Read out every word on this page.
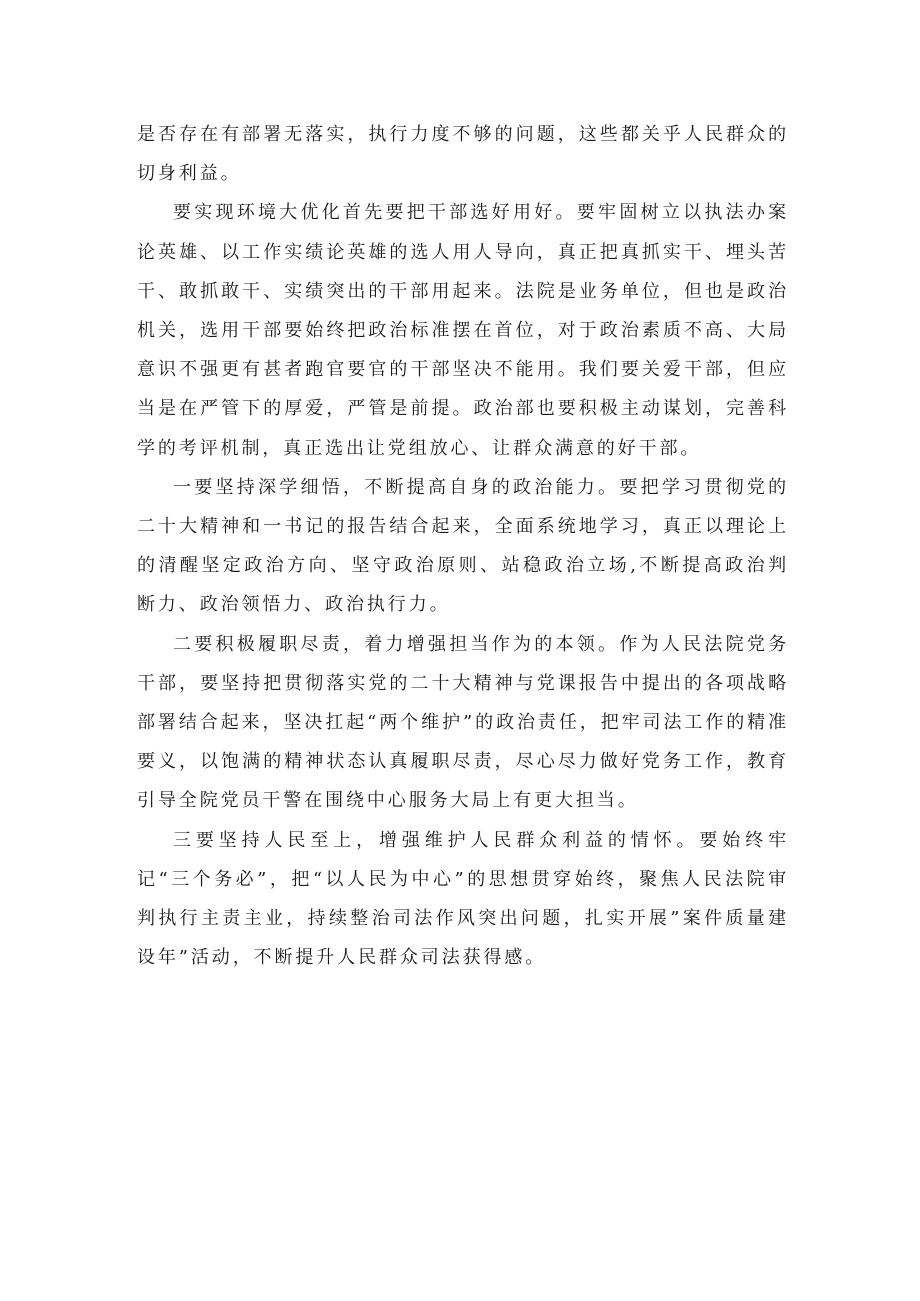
是否存在有部署无落实，执行力度不够的问题，这些都关乎人民群众的切身利益。

要实现环境大优化首先要把干部选好用好。要牢固树立以执法办案论英雄、以工作实绩论英雄的选人用人导向，真正把真抓实干、埋头苦干、敢抓敢干、实绩突出的干部用起来。法院是业务单位，但也是政治机关，选用干部要始终把政治标准摆在首位，对于政治素质不高、大局意识不强更有甚者跑官要官的干部坚决不能用。我们要关爱干部，但应当是在严管下的厚爱，严管是前提。政治部也要积极主动谋划，完善科学的考评机制，真正选出让党组放心、让群众满意的好干部。

一要坚持深学细悟，不断提高自身的政治能力。要把学习贯彻党的二十大精神和一书记的报告结合起来，全面系统地学习，真正以理论上的清醒坚定政治方向、坚守政治原则、站稳政治立场,不断提高政治判断力、政治领悟力、政治执行力。

二要积极履职尽责，着力增强担当作为的本领。作为人民法院党务干部，要坚持把贯彻落实党的二十大精神与党课报告中提出的各项战略部署结合起来，坚决扛起“两个维护”的政治责任，把牢司法工作的精准要义，以饱满的精神状态认真履职尽责，尽心尽力做好党务工作，教育引导全院党员干警在围绕中心服务大局上有更大担当。

三要坚持人民至上，增强维护人民群众利益的情怀。要始终牢记“三个务必”，把“以人民为中心”的思想贯穿始终，聚焦人民法院审判执行主责主业，持续整治司法作风突出问题，扎实开展”案件质量建设年”活动，不断提升人民群众司法获得感。
